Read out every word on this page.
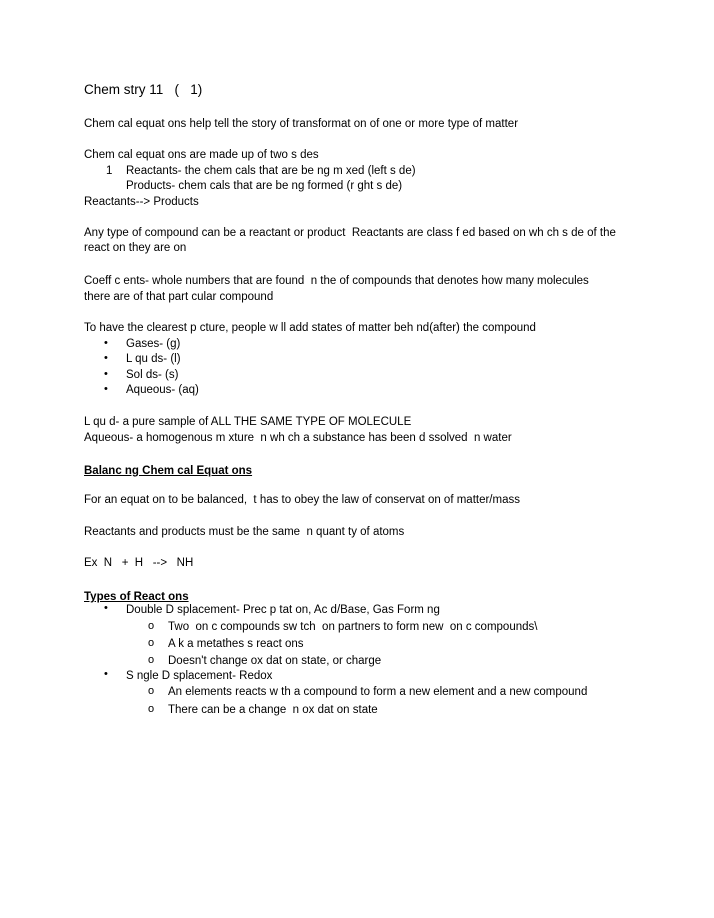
Chem stry 11   (   1)
Chem cal equat ons help tell the story of transformat on of one or more type of matter
Chem cal equat ons are made up of two s des
1 Reactants- the chem cals that are be ng m xed (left s de)
Products- chem cals that are be ng formed (r ght s de)
Reactants--> Products
Any type of compound can be a reactant or product  Reactants are class f ed based on wh ch s de of the
react on they are on
Coeff c ents- whole numbers that are found  n the of compounds that denotes how many molecules
there are of that part cular compound
To have the clearest p cture, people w ll add states of matter beh nd(after) the compound
• Gases- (g)
• L qu ds- (l)
• Sol ds- (s)
• Aqueous- (aq)
L qu d- a pure sample of ALL THE SAME TYPE OF MOLECULE
Aqueous- a homogenous m xture  n wh ch a substance has been d ssolved  n water
Balanc ng Chem cal Equat ons
For an equat on to be balanced,  t has to obey the law of conservat on of matter/mass
Reactants and products must be the same  n quant ty of atoms
Ex  N   +  H   -->   NH
Types of React ons
• Double D splacement- Prec p tat on, Ac d/Base, Gas Form ng
o Two  on c compounds sw tch  on partners to form new  on c compounds\
o A k a metathes s react ons
o Doesn't change ox dat on state, or charge
• S ngle D splacement- Redox
o An elements reacts w th a compound to form a new element and a new compound
o There can be a change  n ox dat on state
